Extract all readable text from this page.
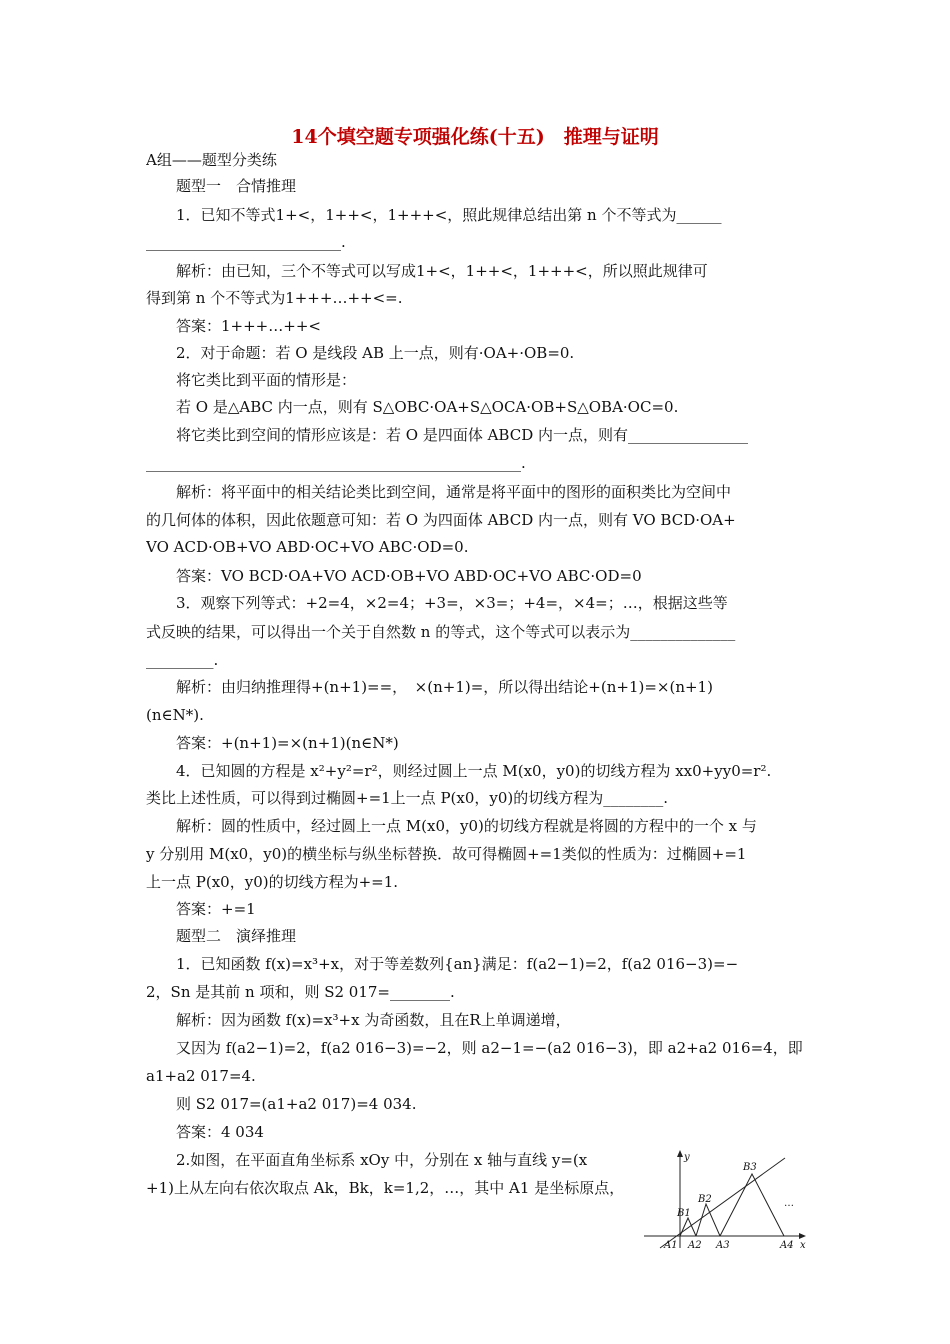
14个填空题专项强化练(十五)　推理与证明
A组——题型分类练
题型一　合情推理
1．已知不等式1+<，1++<，1+++<，照此规律总结出第 n 个不等式为______
__________________________.
解析：由已知，三个不等式可以写成1+<，1++<，1+++<，所以照此规律可
得到第 n 个不等式为1+++…++<=.
答案：1+++…++<
2．对于命题：若 O 是线段 AB 上一点，则有·OA+·OB=0.
将它类比到平面的情形是：
若 O 是△ABC 内一点，则有 S△OBC·OA+S△OCA·OB+S△OBA·OC=0.
将它类比到空间的情形应该是：若 O 是四面体 ABCD 内一点，则有________________
__________________________________________________.
解析：将平面中的相关结论类比到空间，通常是将平面中的图形的面积类比为空间中
的几何体的体积，因此依题意可知：若 O 为四面体 ABCD 内一点，则有 VO BCD·OA+
VO ACD·OB+VO ABD·OC+VO ABC·OD=0.
答案：VO BCD·OA+VO ACD·OB+VO ABD·OC+VO ABC·OD=0
3．观察下列等式：+2=4，×2=4；+3=，×3=；+4=，×4=；…，根据这些等
式反映的结果，可以得出一个关于自然数 n 的等式，这个等式可以表示为______________
_________.
解析：由归纳推理得+(n+1)==，　×(n+1)=，所以得出结论+(n+1)=×(n+1)
(n∈N*).
答案：+(n+1)=×(n+1)(n∈N*)
4．已知圆的方程是 x²+y²=r²，则经过圆上一点 M(x0，y0)的切线方程为 xx0+yy0=r².
类比上述性质，可以得到过椭圆+=1上一点 P(x0，y0)的切线方程为________.
解析：圆的性质中，经过圆上一点 M(x0，y0)的切线方程就是将圆的方程中的一个 x 与
y 分别用 M(x0，y0)的横坐标与纵坐标替换．故可得椭圆+=1类似的性质为：过椭圆+=1
上一点 P(x0，y0)的切线方程为+=1.
答案：+=1
题型二　演绎推理
1．已知函数 f(x)=x³+x，对于等差数列{an}满足：f(a2−1)=2，f(a2 016−3)=−
2，Sn 是其前 n 项和，则 S2 017=________.
解析：因为函数 f(x)=x³+x 为奇函数，且在R上单调递增，
又因为 f(a2−1)=2，f(a2 016−3)=−2，则 a2−1=−(a2 016−3)，即 a2+a2 016=4，即
a1+a2 017=4.
则 S2 017=(a1+a2 017)=4 034.
答案：4 034
2.如图，在平面直角坐标系 xOy 中，分别在 x 轴与直线 y=(x
+1)上从左向右依次取点 Ak，Bk，k=1,2，…，其中 A1 是坐标原点，
y
x
B1
B2
B3
A1 A2 A3	A4
…
